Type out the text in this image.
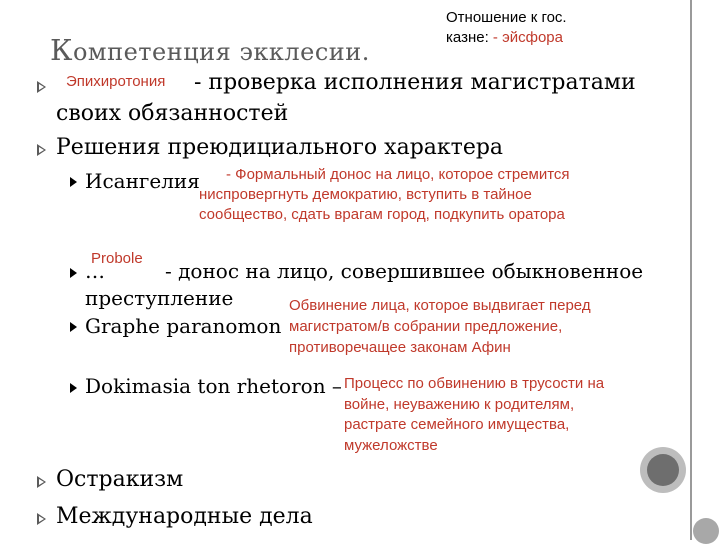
Компетенция экклесии.
Отношение к гос.
казне: - эйсфора
Эпихиротония - проверка исполнения магистратами
своих обязанностей
Решения преюдициального характера
Исангелия	- Формальный донос на лицо, которое стремится
ниспровергнуть демократию, вступить в тайное
сообщество, сдать врагам город, подкупить оратора
Probole
…	- донос на лицо, совершившее обыкновенное
преступление
Graphe paranomon
Обвинение лица, которое выдвигает перед
магистратом/в собрании предложение,
противоречащее законам Афин
Dokimasia ton rhetoron – Процесс по обвинению в трусости на
войне, неуважению к родителям,
растрате семейного имущества,
мужеложстве
Остракизм
Международные дела
